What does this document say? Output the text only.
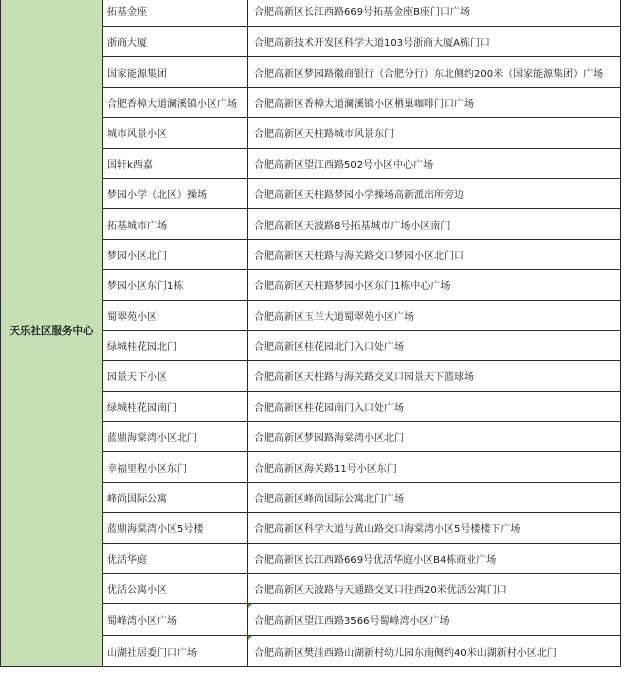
天乐社区服务中心	拓基金座	合肥高新区长江西路669号拓基金座B座门口广场
	浙商大厦	合肥高新技术开发区科学大道103号浙商大厦A栋门口
	国家能源集团	合肥高新区梦园路徽商银行（合肥分行）东北侧约200米（国家能源集团）广场
	合肥香樟大道澜溪镇小区广场	合肥高新区香樟大道澜溪镇小区栖巢咖啡门口广场
	城市风景小区	合肥高新区天柱路城市风景东门
	国轩k西嘉	合肥高新区望江西路502号小区中心广场
	梦园小学（北区）操场	合肥高新区天柱路梦园小学操场高新派出所旁边
	拓基城市广场	合肥高新区天波路8号拓基城市广场小区南门
	梦园小区北门	合肥高新区天柱路与海关路交口梦园小区北门口
	梦园小区东门1栋	合肥高新区天柱路梦园小区东门1栋中心广场
	蜀翠苑小区	合肥高新区玉兰大道蜀翠苑小区广场
	绿城桂花园北门	合肥高新区桂花园北门入口处广场
	园景天下小区	合肥高新区天柱路与海关路交叉口园景天下篮球场
	绿城桂花园南门	合肥高新区桂花园南门入口处广场
	蓝鼎海棠湾小区北门	合肥高新区梦园路海棠湾小区北门
	幸福里程小区东门	合肥高新区海关路11号小区东门
	峰尚国际公寓	合肥高新区峰尚国际公寓北门广场
	蓝鼎海棠湾小区5号楼	合肥高新区科学大道与黄山路交口海棠湾小区5号楼楼下广场
	优活华庭	合肥高新区长江西路669号优活华庭小区B4栋商业广场
	优活公寓小区	合肥高新区天波路与天通路交叉口往西20米优活公寓门口
	蜀峰湾小区广场	合肥高新区望江西路3566号蜀峰湾小区广场

	山湖社居委门口广场	合肥高新区樊洼西路山湖新村幼儿园东南侧约40米山湖新村小区北门
